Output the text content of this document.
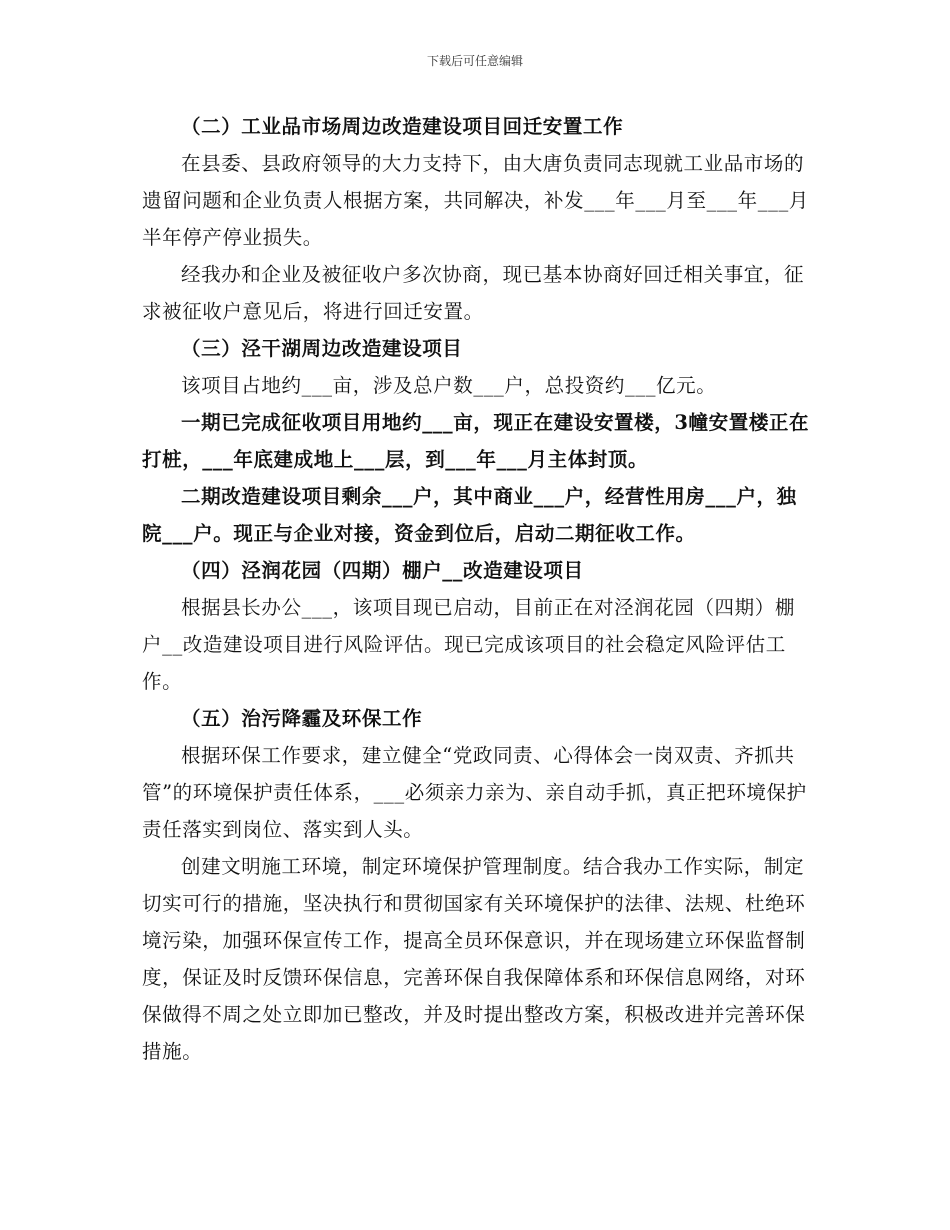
下载后可任意编辑

（二）工业品市场周边改造建设项目回迁安置工作

在县委、县政府领导的大力支持下，由大唐负责同志现就工业品市场的遗留问题和企业负责人根据方案，共同解决，补发___年___月至___年___月半年停产停业损失。

经我办和企业及被征收户多次协商，现已基本协商好回迁相关事宜，征求被征收户意见后，将进行回迁安置。

（三）泾干湖周边改造建设项目

该项目占地约___亩，涉及总户数___户，总投资约___亿元。

一期已完成征收项目用地约___亩，现正在建设安置楼，3幢安置楼正在打桩，___年底建成地上___层，到___年___月主体封顶。

二期改造建设项目剩余___户，其中商业___户，经营性用房___户，独院___户。现正与企业对接，资金到位后，启动二期征收工作。

（四）泾润花园（四期）棚户__改造建设项目

根据县长办公___，该项目现已启动，目前正在对泾润花园（四期）棚户__改造建设项目进行风险评估。现已完成该项目的社会稳定风险评估工作。

（五）治污降霾及环保工作

根据环保工作要求，建立健全“党政同责、心得体会一岗双责、齐抓共管”的环境保护责任体系，___必须亲力亲为、亲自动手抓，真正把环境保护责任落实到岗位、落实到人头。

创建文明施工环境，制定环境保护管理制度。结合我办工作实际，制定切实可行的措施，坚决执行和贯彻国家有关环境保护的法律、法规、杜绝环境污染，加强环保宣传工作，提高全员环保意识，并在现场建立环保监督制度，保证及时反馈环保信息，完善环保自我保障体系和环保信息网络，对环保做得不周之处立即加已整改，并及时提出整改方案，积极改进并完善环保措施。
